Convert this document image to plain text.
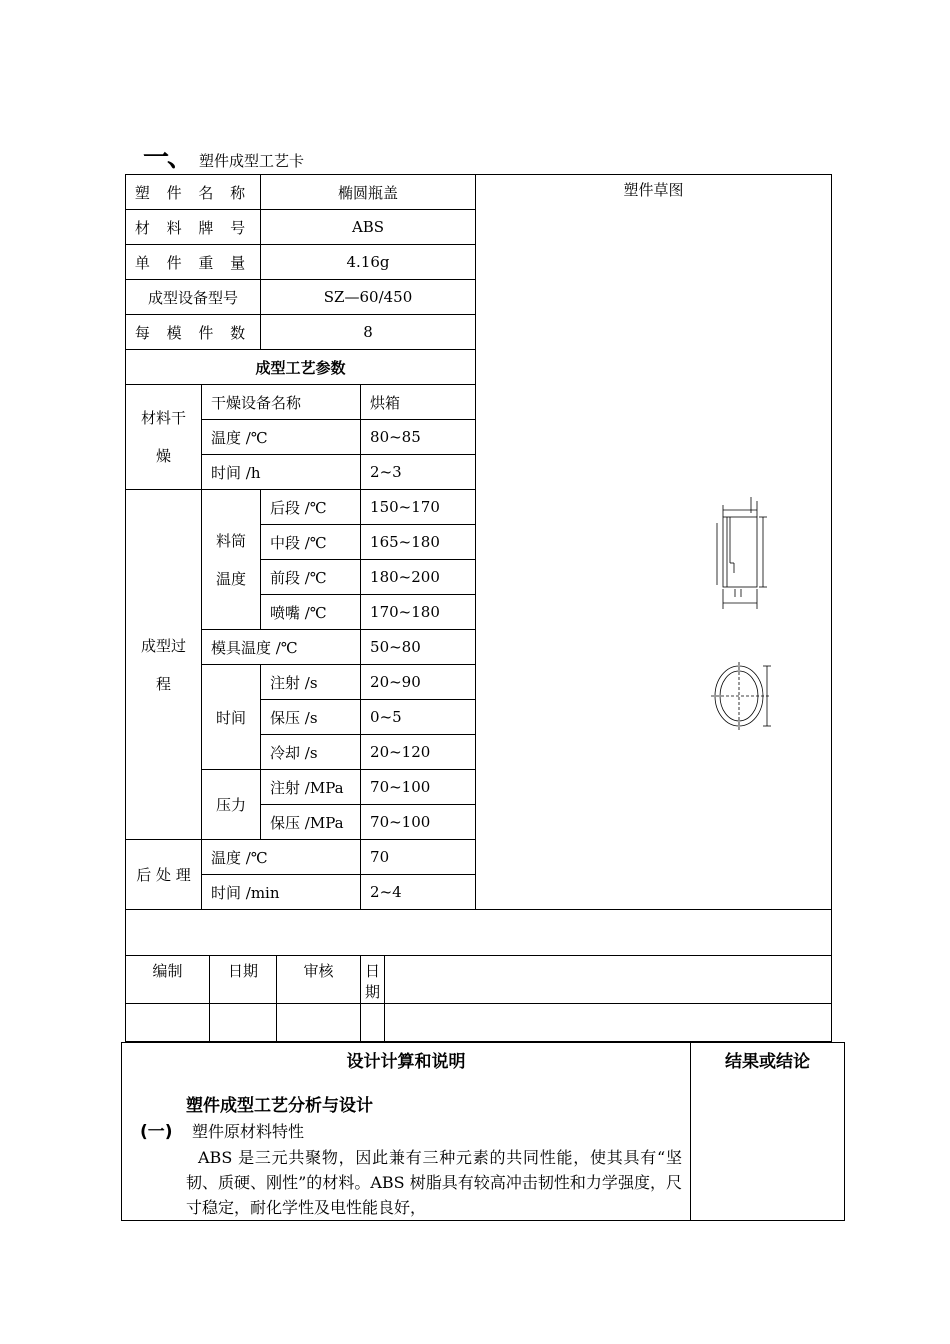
一、 塑件成型工艺卡
塑 件 名 称			椭圆瓶盖				塑件草图

材 料 牌 号			ABS				
单 件 重 量			4.16g				
成型设备型号			SZ—60/450				
每 模 件 数			8				
成型工艺参数							
材料干燥	干燥设备名称				烘箱		
	温度 /℃				80~85		
	时间 /h				2~3		
成型过程	料筒温度		后段 /℃		150~170		
			中段 /℃		165~180		
			前段 /℃		180~200		
			喷嘴 /℃		170~180		
	模具温度 /℃				50~80		
	时间		注射 /s		20~90		
			保压 /s		0~5		
			冷却 /s		20~120		
	压力		注射 /MPa		70~100		
			保压 /MPa		70~100		
后 处 理	温度 /℃				70		
	时间 /min				2~4		

编制		日期		审核	日期		

设计计算和说明
塑件成型工艺分析与设计
(一) 塑件原材料特性
ABS 是三元共聚物，因此兼有三种元素的共同性能，使其具有“坚韧、质硬、刚性”的材料。ABS 树脂具有较高冲击韧性和力学强度，尺寸稳定，耐化学性及电性能良好，

结果或结论
